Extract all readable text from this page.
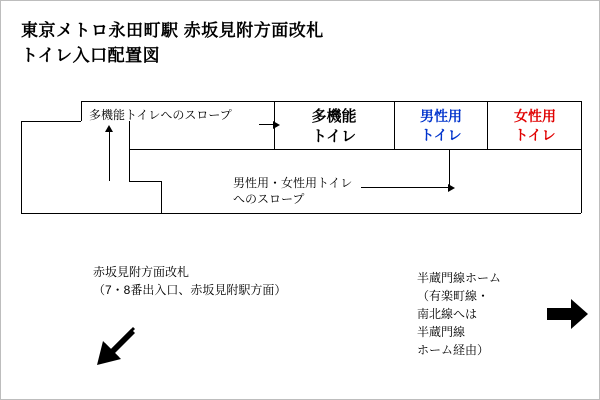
東京メトロ永田町駅 赤坂見附方面改札
トイレ入口配置図
多機能
トイレ
男性用
トイレ
女性用
トイレ
多機能トイレへのスロープ
男性用・女性用トイレ
へのスロープ
赤坂見附方面改札
（7・8番出入口、赤坂見附駅方面）
半蔵門線ホーム
（有楽町線・
南北線へは
半蔵門線
ホーム経由）
